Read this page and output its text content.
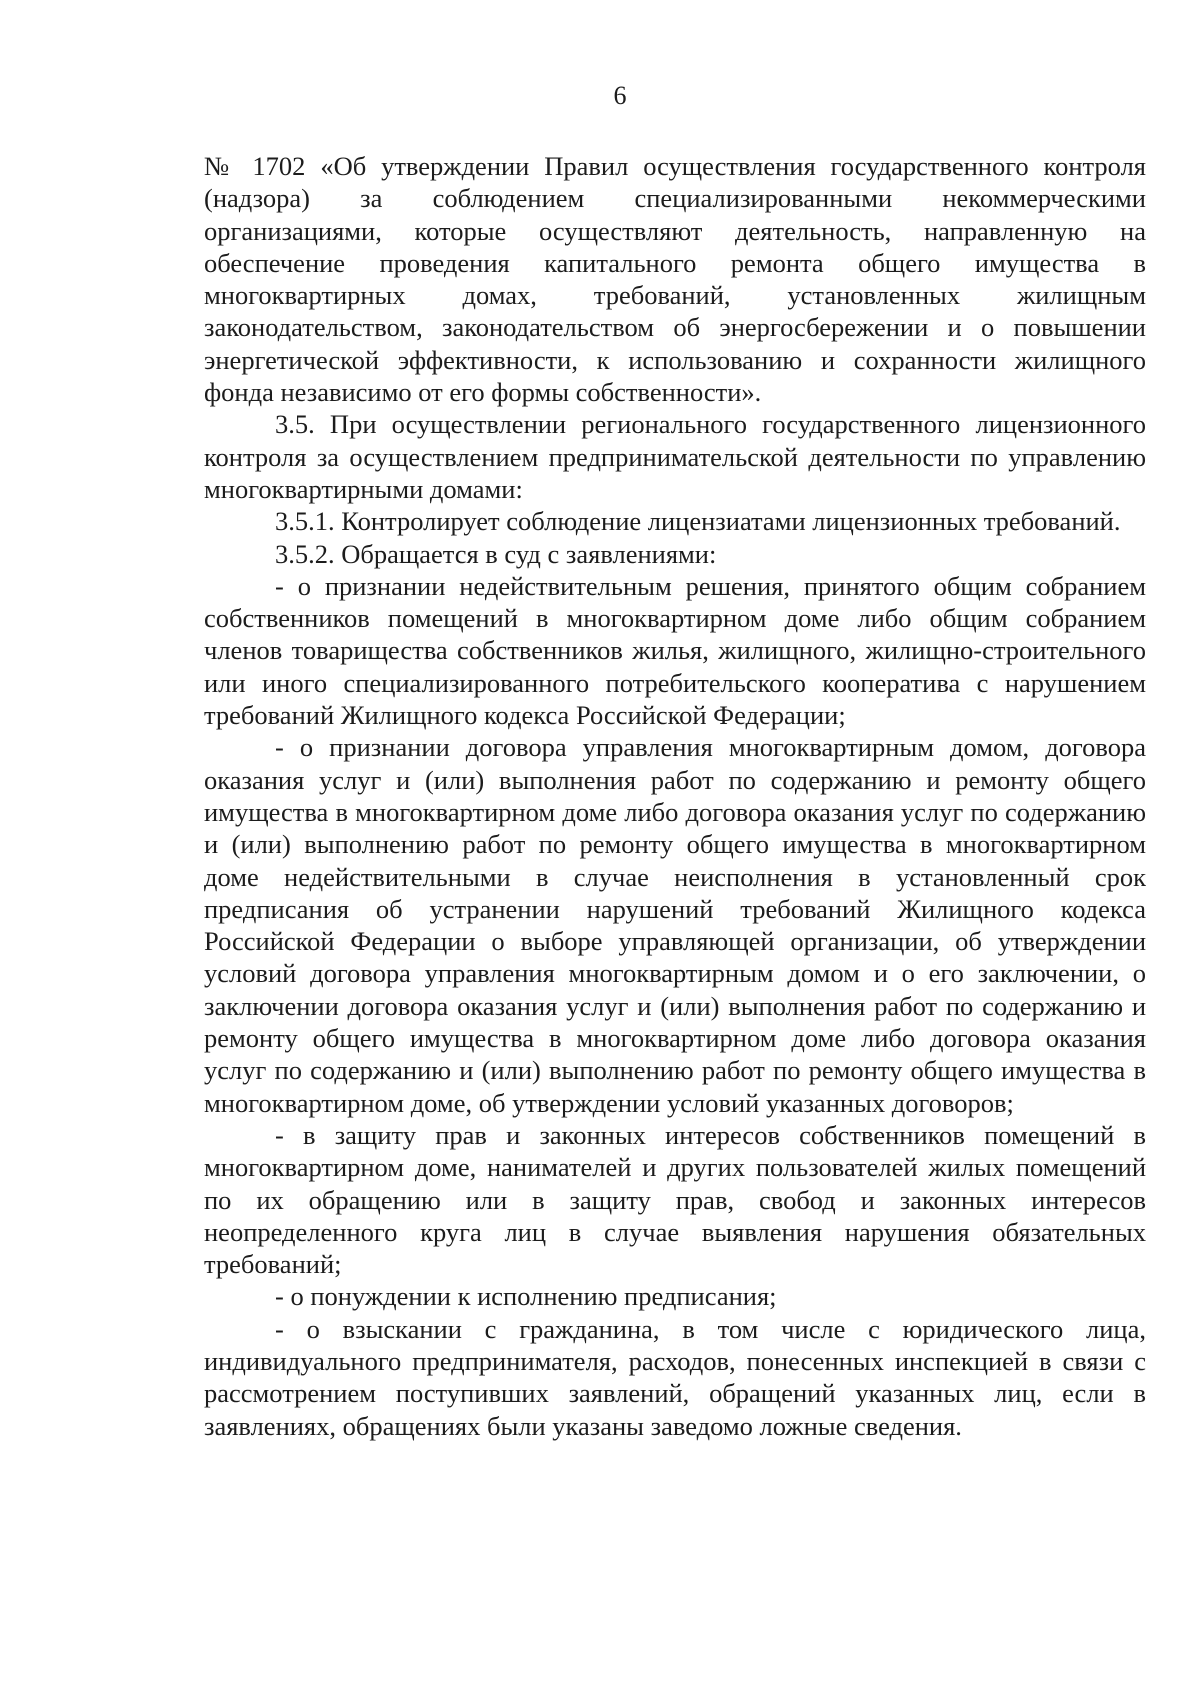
6

№ 1702 «Об утверждении Правил осуществления государственного контроля (надзора) за соблюдением специализированными некоммерческими организациями, которые осуществляют деятельность, направленную на обеспечение проведения капитального ремонта общего имущества в многоквартирных домах, требований, установленных жилищным законодательством, законодательством об энергосбережении и о повышении энергетической эффективности, к использованию и сохранности жилищного фонда независимо от его формы собственности».

3.5. При осуществлении регионального государственного лицензионного контроля за осуществлением предпринимательской деятельности по управлению многоквартирными домами:

3.5.1. Контролирует соблюдение лицензиатами лицензионных требований.

3.5.2. Обращается в суд с заявлениями:

- о признании недействительным решения, принятого общим собранием собственников помещений в многоквартирном доме либо общим собранием членов товарищества собственников жилья, жилищного, жилищно-строительного или иного специализированного потребительского кооператива с нарушением требований Жилищного кодекса Российской Федерации;

- о признании договора управления многоквартирным домом, договора оказания услуг и (или) выполнения работ по содержанию и ремонту общего имущества в многоквартирном доме либо договора оказания услуг по содержанию и (или) выполнению работ по ремонту общего имущества в многоквартирном доме недействительными в случае неисполнения в установленный срок предписания об устранении нарушений требований Жилищного кодекса Российской Федерации о выборе управляющей организации, об утверждении условий договора управления многоквартирным домом и о его заключении, о заключении договора оказания услуг и (или) выполнения работ по содержанию и ремонту общего имущества в многоквартирном доме либо договора оказания услуг по содержанию и (или) выполнению работ по ремонту общего имущества в многоквартирном доме, об утверждении условий указанных договоров;

- в защиту прав и законных интересов собственников помещений в многоквартирном доме, нанимателей и других пользователей жилых помещений по их обращению или в защиту прав, свобод и законных интересов неопределенного круга лиц в случае выявления нарушения обязательных требований;

- о понуждении к исполнению предписания;

- о взыскании с гражданина, в том числе с юридического лица, индивидуального предпринимателя, расходов, понесенных инспекцией в связи с рассмотрением поступивших заявлений, обращений указанных лиц, если в заявлениях, обращениях были указаны заведомо ложные сведения.
